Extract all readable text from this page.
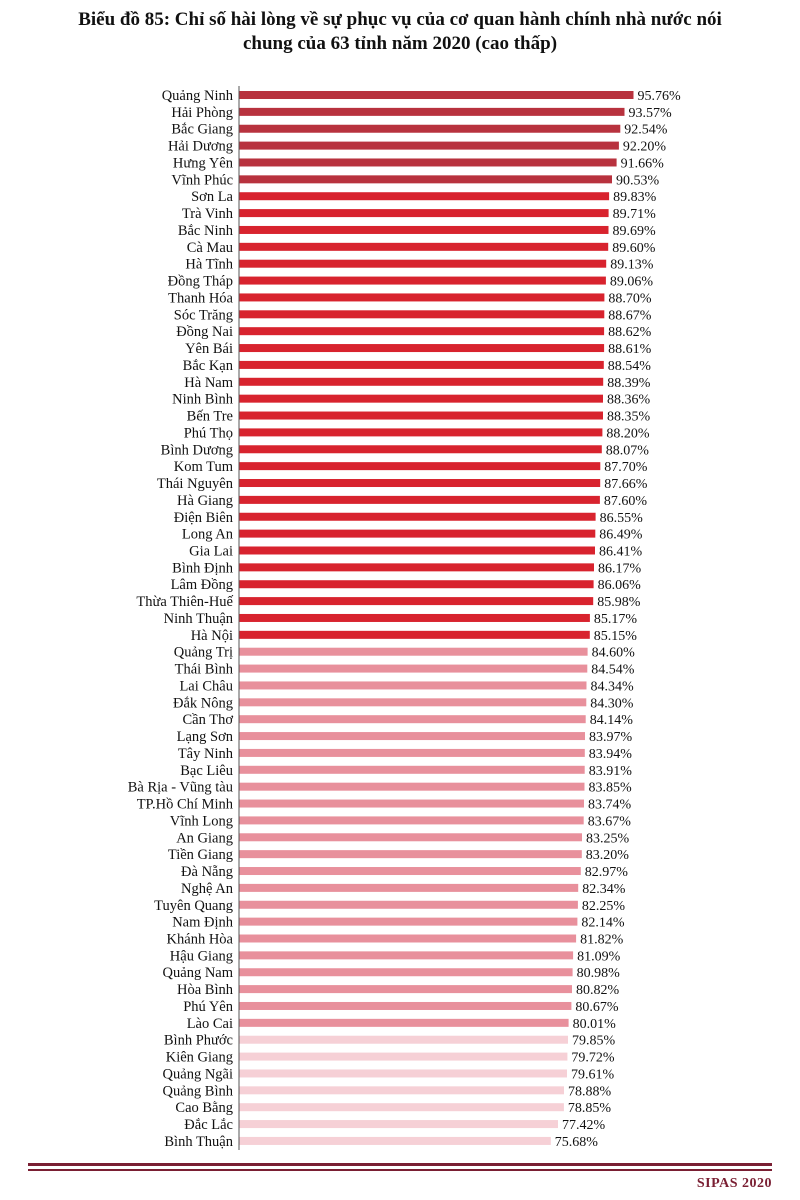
Biểu đồ 85: Chỉ số hài lòng về sự phục vụ của cơ quan hành chính nhà nước nói
chung của 63 tỉnh năm 2020 (cao thấp)
Quảng Ninh	95.76%
Hải Phòng	93.57%
Bắc Giang	92.54%
Hải Dương	92.20%
Hưng Yên	91.66%
Vĩnh Phúc	90.53%
Sơn La	89.83%
Trà Vinh	89.71%
Bắc Ninh	89.69%
Cà Mau	89.60%
Hà Tĩnh	89.13%
Đồng Tháp	89.06%
Thanh Hóa	88.70%
Sóc Trăng	88.67%
Đồng Nai	88.62%
Yên Bái	88.61%
Bắc Kạn	88.54%
Hà Nam	88.39%
Ninh Bình	88.36%
Bến Tre	88.35%
Phú Thọ	88.20%
Bình Dương	88.07%
Kom Tum	87.70%
Thái Nguyên	87.66%
Hà Giang	87.60%
Điện Biên	86.55%
Long An	86.49%
Gia Lai	86.41%
Bình Định	86.17%
Lâm Đồng	86.06%
Thừa Thiên-Huế	85.98%
Ninh Thuận	85.17%
Hà Nội	85.15%
Quảng Trị	84.60%
Thái Bình	84.54%
Lai Châu	84.34%
Đắk Nông	84.30%
Cần Thơ	84.14%
Lạng Sơn	83.97%
Tây Ninh	83.94%
Bạc Liêu	83.91%
Bà Rịa - Vũng tàu	83.85%
TP.Hồ Chí Minh	83.74%
Vĩnh Long	83.67%
An Giang	83.25%
Tiền Giang	83.20%
Đà Nẵng	82.97%
Nghệ An	82.34%
Tuyên Quang	82.25%
Nam Định	82.14%
Khánh Hòa	81.82%
Hậu Giang	81.09%
Quảng Nam	80.98%
Hòa Bình	80.82%
Phú Yên	80.67%
Lào Cai	80.01%
Bình Phước	79.85%
Kiên Giang	79.72%
Quảng Ngãi	79.61%
Quảng Bình	78.88%
Cao Bằng	78.85%
Đắc Lắc	77.42%
Bình Thuận	75.68%
SIPAS 2020
